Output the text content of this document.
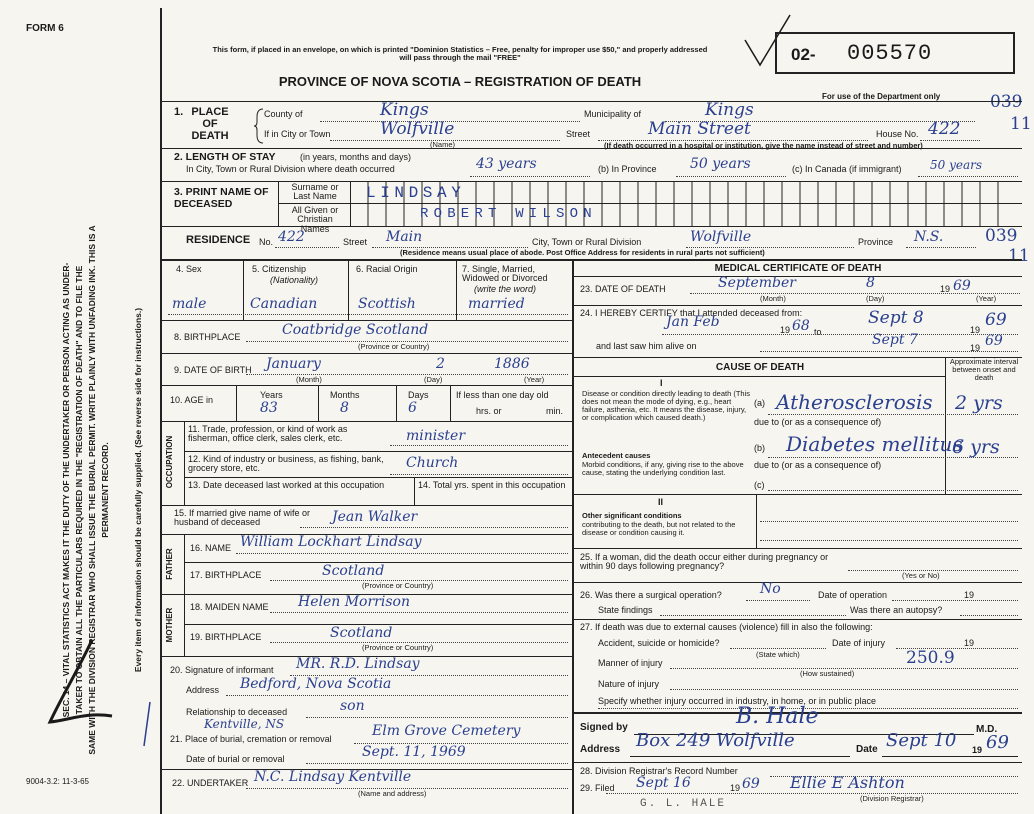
FORM 6
SEC. 14 – VITAL STATISTICS ACT MAKES IT THE DUTY OF THE UNDERTAKER OR PERSON ACTING AS UNDER- TAKER TO OBTAIN ALL THE PARTICULARS REQUIRED IN THE "REGISTRATION OF DEATH" AND TO FILE THE SAME WITH THE DIVISION REGISTRAR WHO SHALL ISSUE THE BURIAL PERMIT. WRITE PLAINLY WITH UNFADING INK. THIS IS A PERMANENT RECORD.	Every item of information should be carefully supplied. (See reverse side for instructions.)
9004-3.2: 11-3-65
This form, if placed in an envelope, on which is printed "Dominion Statistics – Free, penalty for improper use $50," and properly addressed will pass through the mail "FREE"
PROVINCE OF NOVA SCOTIA – REGISTRATION OF DEATH
02- 005570
For use of the Department only	039
11
1. PLACE OF DEATH
County of	Kings	Municipality of	Kings
If in City or Town	Wolfville
(Name)
Street	Main Street	House No. 422
(If death occurred in a hospital or institution, give the name instead of street and number)
2. LENGTH OF STAY	(in years, months and days)
In City, Town or Rural Division where death occurred	43 years	(b) In Province 50 years	(c) In Canada (if immigrant) 50 years
3. PRINT NAME OF DECEASED
Surname or Last Name
All Given or Christian Names
LINDSAY
ROBERT WILSON
RESIDENCE No. 422	Street Main	City, Town or Rural Division	Wolfville	Province N.S. 039
11
(Residence means usual place of abode. Post Office Address for residents in rural parts not sufficient)
4. Sex	5. Citizenship
(Nationality)
6. Racial Origin	7. Single, Married, Widowed or Divorced
(write the word)
male	Canadian	Scottish	married
8. BIRTHPLACE	Coatbridge Scotland
(Province or Country)
9. DATE OF BIRTH January	2	1886
(Month)	(Day)	(Year)
10. AGE in	Years	Months	Days
83	8	6
If less than one day old
hrs. or	min.
OCCUPATION
11. Trade, profession, or kind of work as fisherman, office clerk, sales clerk, etc.	minister
12. Kind of industry or business, as fishing, bank, grocery store, etc.	Church
13. Date deceased last worked at this occupation	14. Total yrs. spent in this occupation
15. If married give name of wife or husband of deceased	Jean Walker
FATHER
16. NAME William Lockhart Lindsay
17. BIRTHPLACE	Scotland
(Province or Country)
MOTHER
18. MAIDEN NAME Helen Morrison
19. BIRTHPLACE	Scotland
(Province or Country)
20. Signature of informant MR. R.D. Lindsay
Address Bedford, Nova Scotia
Relationship to deceased	son
Kentville, NS
21. Place of burial, cremation or removal	Elm Grove Cemetery
Date of burial or removal	Sept. 11, 1969
22. UNDERTAKER N.C. Lindsay Kentville
(Name and address)
MEDICAL CERTIFICATE OF DEATH
23. DATE OF DEATH	September	8	19 69
(Month)	(Day)	(Year)
24. I HEREBY CERTIFY that I attended deceased from:
Jan Feb	19 68 to
Sept 8
19 69
and last saw him alive on	Sept 7	19 69
CAUSE OF DEATH
Approximate interval between onset and death
I
Disease or condition directly leading to death (This does not mean the mode of dying, e.g., heart failure, asthenia, etc. It means the disease, injury, or complication which caused death.)
(a) Atherosclerosis 2 yrs
due to (or as a consequence of)
Antecedent causes
Morbid conditions, if any, giving rise to the above cause, stating the underlying condition last.
(b) Diabetes mellitus
6 yrs
due to (or as a consequence of)
(c)
II
Other significant conditions
contributing to the death, but not related to the disease or condition causing it.
25. If a woman, did the death occur either during pregnancy or within 90 days following pregnancy?
(Yes or No)
26. Was there a surgical operation?	No	Date of operation	19
State findings	Was there an autopsy?
27. If death was due to external causes (violence) fill in also the following:
Accident, suicide or homicide?	Date of injury	19
(State which)
Manner of injury	250.9
(How sustained)
Nature of injury
Specify whether injury occurred in industry, in home, or in public place
Signed by	B. Hale
M.D.
Address Box 249 Wolfville	Date Sept 10 19 69
28. Division Registrar's Record Number
29. Filed Sept 16	19 69 Ellie E Ashton
(Division Registrar)
G. L. HALE
